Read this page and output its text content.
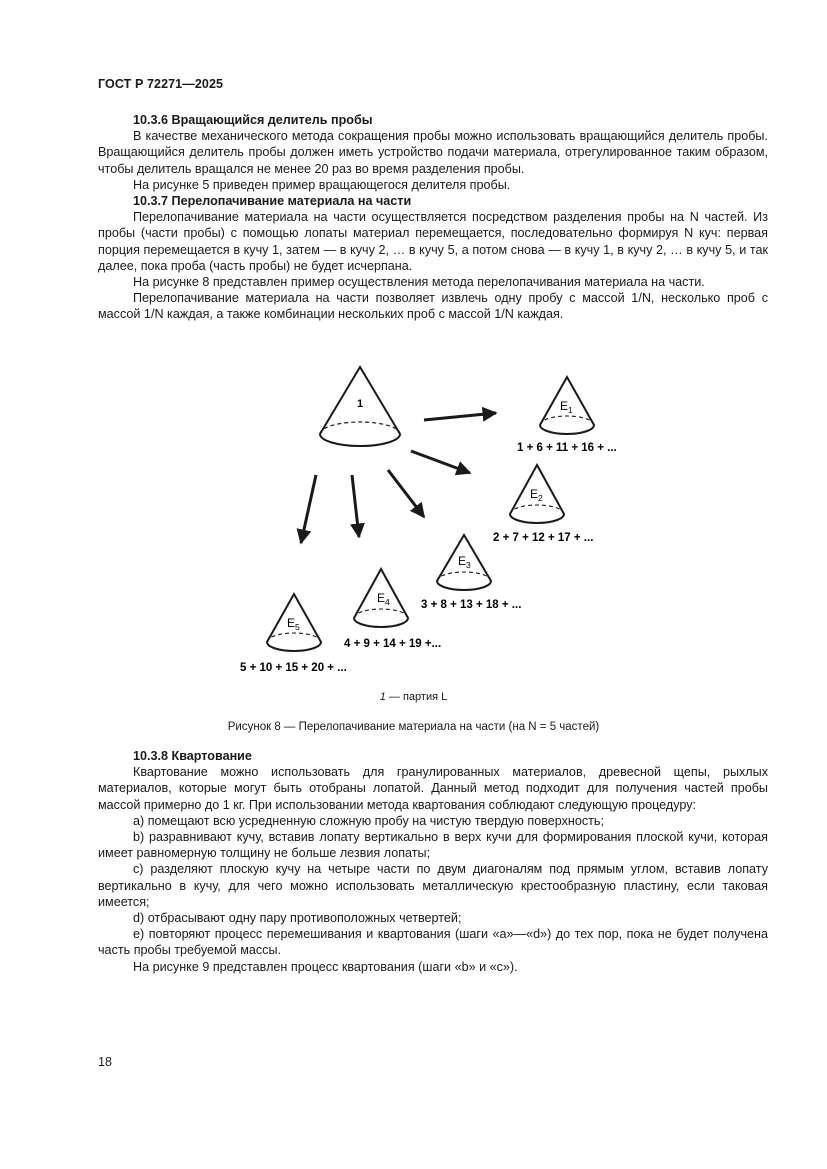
ГОСТ Р 72271—2025

10.3.6 Вращающийся делитель пробы

В качестве механического метода сокращения пробы можно использовать вращающийся делитель пробы. Вращающийся делитель пробы должен иметь устройство подачи материала, отрегулированное таким образом, чтобы делитель вращался не менее 20 раз во время разделения пробы.

На рисунке 5 приведен пример вращающегося делителя пробы.

10.3.7 Перелопачивание материала на части

Перелопачивание материала на части осуществляется посредством разделения пробы на N частей. Из пробы (части пробы) с помощью лопаты материал перемещается, последовательно формируя N куч: первая порция перемещается в кучу 1, затем — в кучу 2, … в кучу 5, а потом снова — в кучу 1, в кучу 2, … в кучу 5, и так далее, пока проба (часть пробы) не будет исчерпана.

На рисунке 8 представлен пример осуществления метода перелопачивания материала на части.

Перелопачивание материала на части позволяет извлечь одну пробу с массой 1/N, несколько проб с массой 1/N каждая, а также комбинации нескольких проб с массой 1/N каждая.

1	$E_1$
1 + 6 + 11 + 16 + ...
$E_2$
2 + 7 + 12 + 17 + ...
$E_3$
3 + 8 + 13 + 18 + ...
$E_4$
4 + 9 + 14 + 19 +...
$E_5$
5 + 10 + 15 + 20 + ...
1 — партия L
Рисунок 8 — Перелопачивание материала на части (на N = 5 частей)

10.3.8 Квартование

Квартование можно использовать для гранулированных материалов, древесной щепы, рыхлых материалов, которые могут быть отобраны лопатой. Данный метод подходит для получения частей пробы массой примерно до 1 кг. При использовании метода квартования соблюдают следующую процедуру:

a) помещают всю усредненную сложную пробу на чистую твердую поверхность;

b) разравнивают кучу, вставив лопату вертикально в верх кучи для формирования плоской кучи, которая имеет равномерную толщину не больше лезвия лопаты;

c) разделяют плоскую кучу на четыре части по двум диагоналям под прямым углом, вставив лопату вертикально в кучу, для чего можно использовать металлическую крестообразную пластину, если таковая имеется;

d) отбрасывают одну пару противоположных четвертей;

e) повторяют процесс перемешивания и квартования (шаги «a»—«d») до тех пор, пока не будет получена часть пробы требуемой массы.

На рисунке 9 представлен процесс квартования (шаги «b» и «c»).

18
